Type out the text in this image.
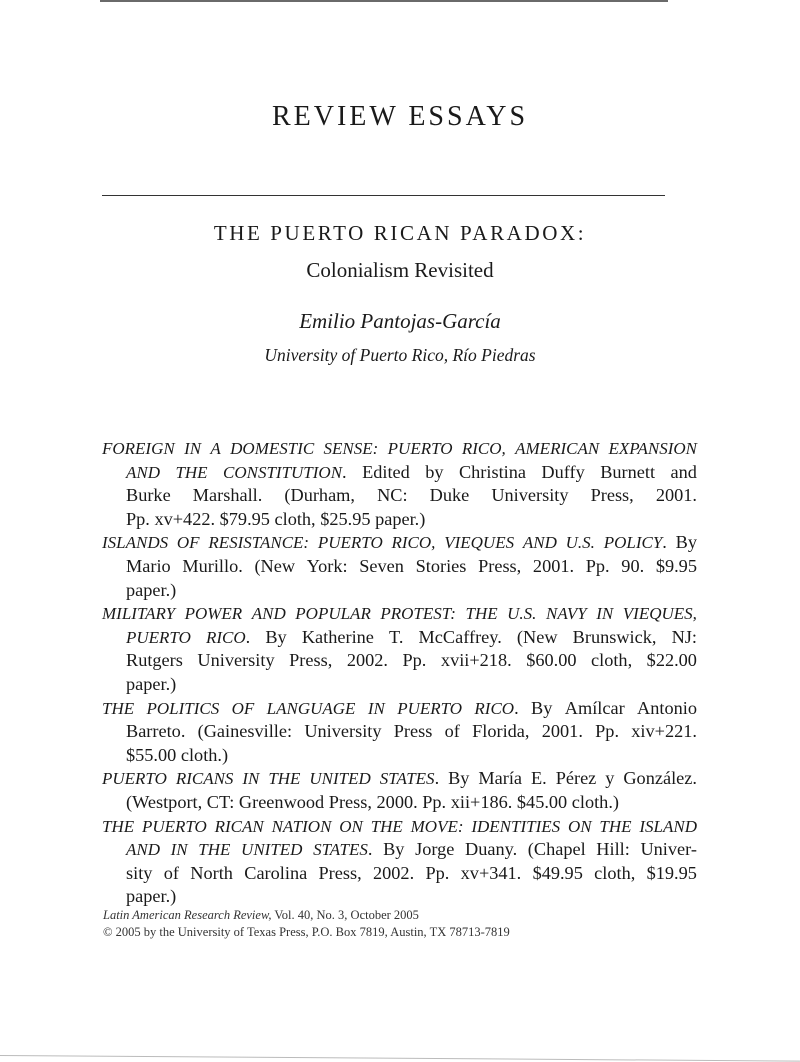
REVIEW ESSAYS
THE PUERTO RICAN PARADOX:
Colonialism Revisited
Emilio Pantojas-García
University of Puerto Rico, Río Piedras
FOREIGN IN A DOMESTIC SENSE: PUERTO RICO, AMERICAN EXPANSION
AND THE CONSTITUTION. Edited by Christina Duffy Burnett and
Burke Marshall. (Durham, NC: Duke University Press, 2001.
Pp. xv+422. $79.95 cloth, $25.95 paper.)
ISLANDS OF RESISTANCE: PUERTO RICO, VIEQUES AND U.S. POLICY. By
Mario Murillo. (New York: Seven Stories Press, 2001. Pp. 90. $9.95
paper.)
MILITARY POWER AND POPULAR PROTEST: THE U.S. NAVY IN VIEQUES,
PUERTO RICO. By Katherine T. McCaffrey. (New Brunswick, NJ:
Rutgers University Press, 2002. Pp. xvii+218. $60.00 cloth, $22.00
paper.)
THE POLITICS OF LANGUAGE IN PUERTO RICO. By Amílcar Antonio
Barreto. (Gainesville: University Press of Florida, 2001. Pp. xiv+221.
$55.00 cloth.)
PUERTO RICANS IN THE UNITED STATES. By María E. Pérez y González.
(Westport, CT: Greenwood Press, 2000. Pp. xii+186. $45.00 cloth.)
THE PUERTO RICAN NATION ON THE MOVE: IDENTITIES ON THE ISLAND
AND IN THE UNITED STATES. By Jorge Duany. (Chapel Hill: Univer-
sity of North Carolina Press, 2002. Pp. xv+341. $49.95 cloth, $19.95
paper.)
Latin American Research Review, Vol. 40, No. 3, October 2005
© 2005 by the University of Texas Press, P.O. Box 7819, Austin, TX 78713-7819
